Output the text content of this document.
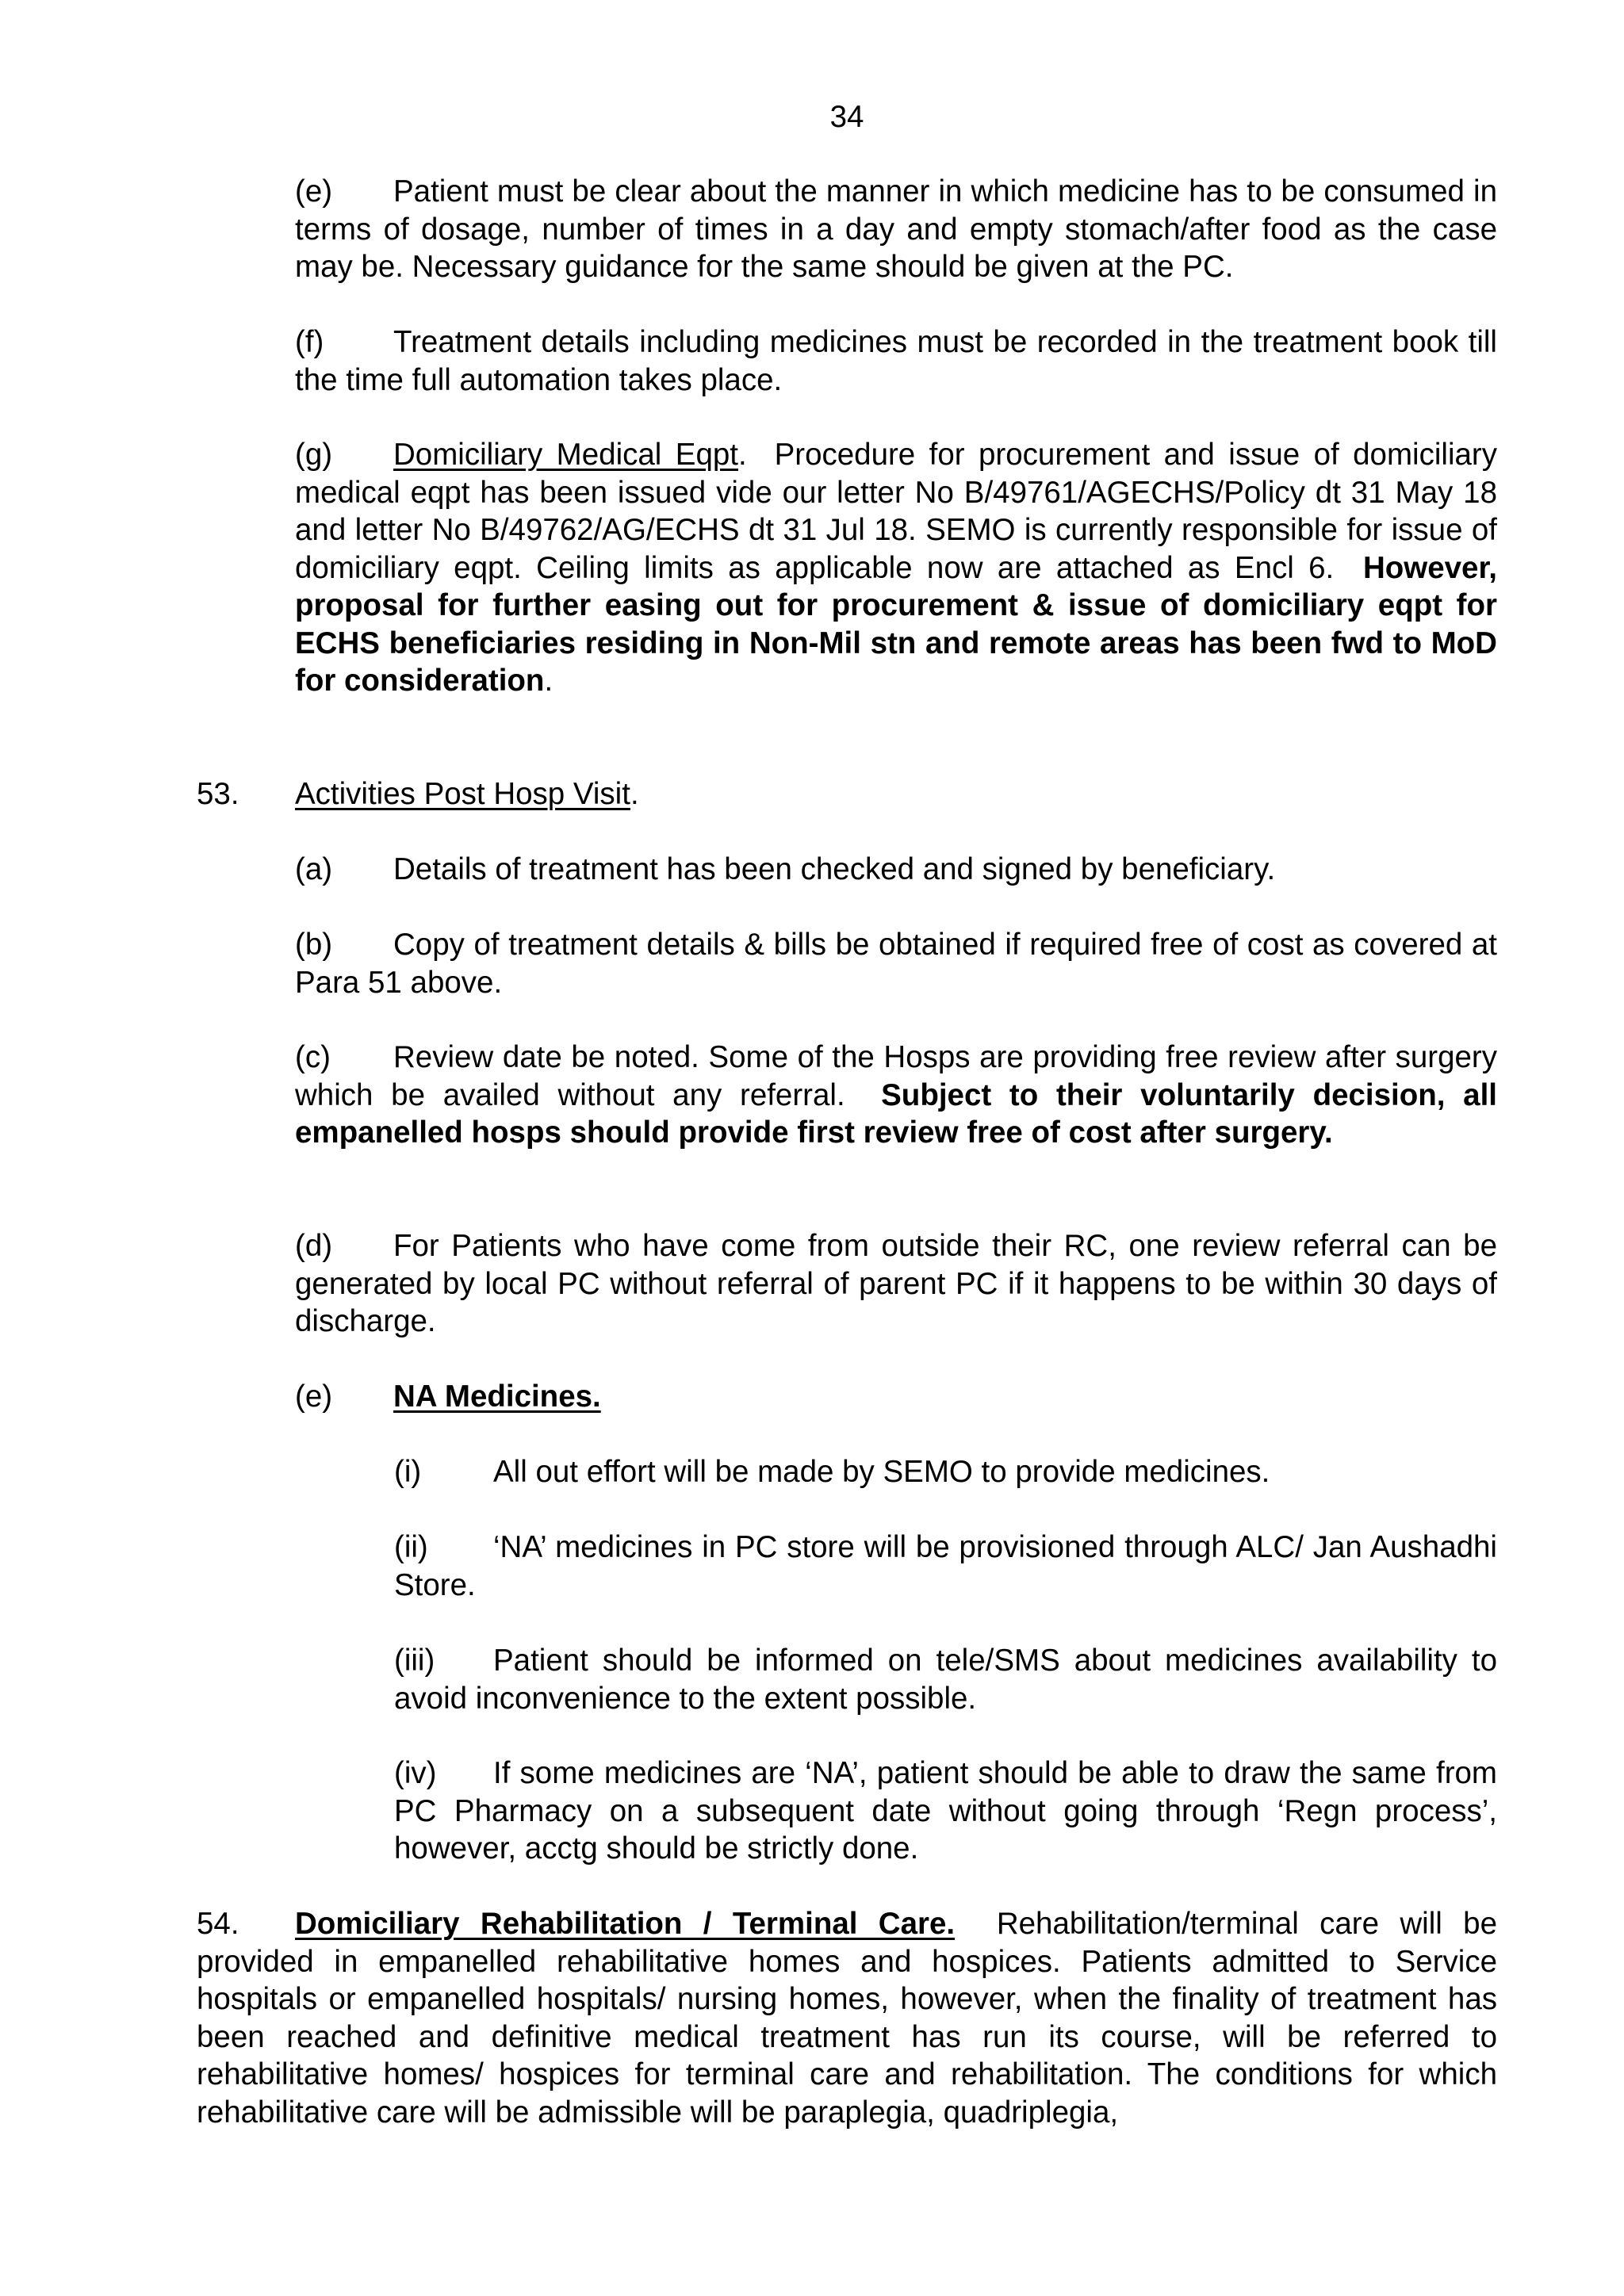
34
(e) Patient must be clear about the manner in which medicine has to be consumed in terms of dosage, number of times in a day and empty stomach/after food as the case may be. Necessary guidance for the same should be given at the PC.
(f) Treatment details including medicines must be recorded in the treatment book till the time full automation takes place.
(g) Domiciliary Medical Eqpt. Procedure for procurement and issue of domiciliary medical eqpt has been issued vide our letter No B/49761/AGECHS/Policy dt 31 May 18 and letter No B/49762/AG/ECHS dt 31 Jul 18. SEMO is currently responsible for issue of domiciliary eqpt. Ceiling limits as applicable now are attached as Encl 6. However, proposal for further easing out for procurement & issue of domiciliary eqpt for ECHS beneficiaries residing in Non-Mil stn and remote areas has been fwd to MoD for consideration.
53. Activities Post Hosp Visit.
(a) Details of treatment has been checked and signed by beneficiary.
(b) Copy of treatment details & bills be obtained if required free of cost as covered at Para 51 above.
(c) Review date be noted. Some of the Hosps are providing free review after surgery which be availed without any referral. Subject to their voluntarily decision, all empanelled hosps should provide first review free of cost after surgery.
(d) For Patients who have come from outside their RC, one review referral can be generated by local PC without referral of parent PC if it happens to be within 30 days of discharge.
(e) NA Medicines.
(i) All out effort will be made by SEMO to provide medicines.
(ii) ‘NA’ medicines in PC store will be provisioned through ALC/ Jan Aushadhi Store.
(iii) Patient should be informed on tele/SMS about medicines availability to avoid inconvenience to the extent possible.
(iv) If some medicines are ‘NA’, patient should be able to draw the same from PC Pharmacy on a subsequent date without going through ‘Regn process’, however, acctg should be strictly done.
54. Domiciliary Rehabilitation / Terminal Care. Rehabilitation/terminal care will be provided in empanelled rehabilitative homes and hospices. Patients admitted to Service hospitals or empanelled hospitals/ nursing homes, however, when the finality of treatment has been reached and definitive medical treatment has run its course, will be referred to rehabilitative homes/ hospices for terminal care and rehabilitation. The conditions for which rehabilitative care will be admissible will be paraplegia, quadriplegia,
